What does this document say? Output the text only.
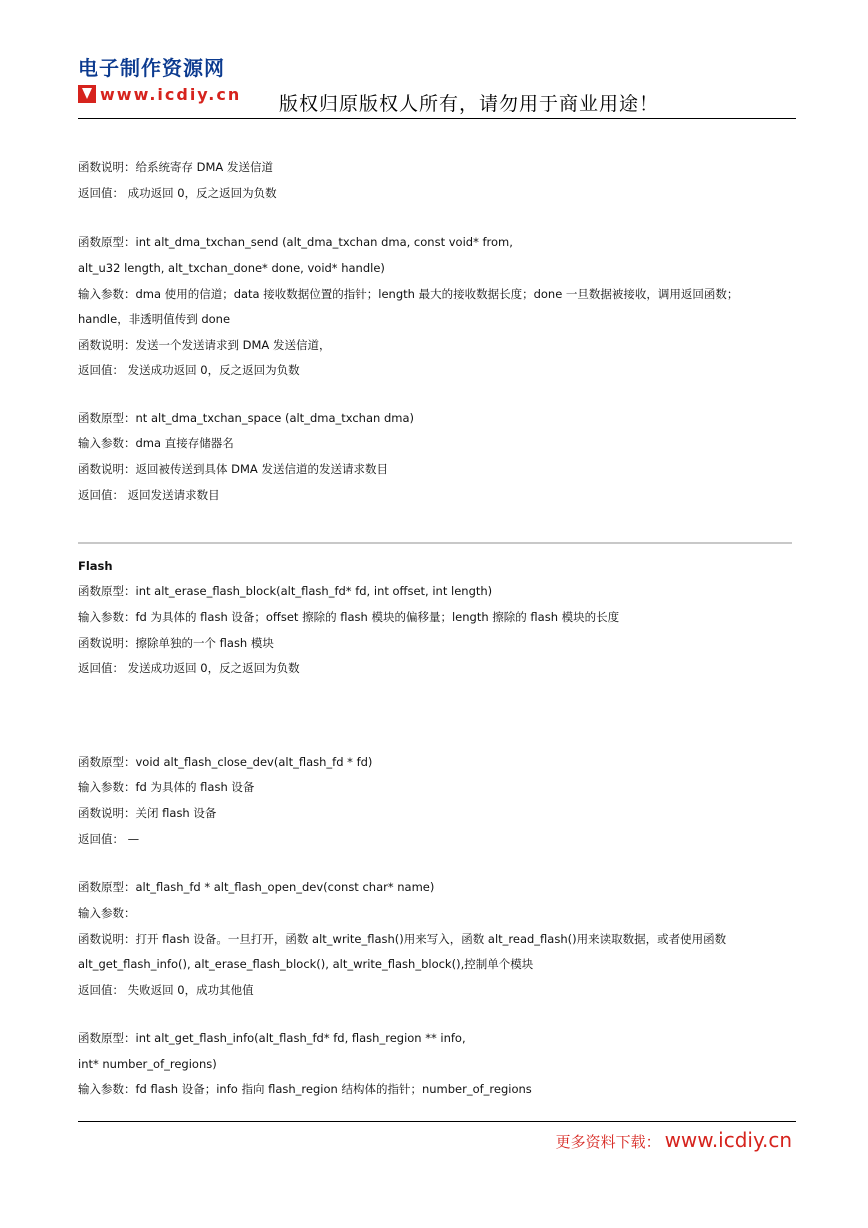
电子制作资源网
www.icdiy.cn 版权归原版权人所有，请勿用于商业用途！
函数说明：给系统寄存 DMA 发送信道
返回值： 成功返回 0，反之返回为负数
函数原型：int alt_dma_txchan_send (alt_dma_txchan dma, const void* from,
alt_u32 length, alt_txchan_done* done, void* handle)
输入参数：dma 使用的信道；data 接收数据位置的指针；length 最大的接收数据长度；done 一旦数据被接收，调用返回函数；
handle，非透明值传到 done
函数说明：发送一个发送请求到 DMA 发送信道，
返回值： 发送成功返回 0，反之返回为负数
函数原型：nt alt_dma_txchan_space (alt_dma_txchan dma)
输入参数：dma 直接存储器名
函数说明：返回被传送到具体 DMA 发送信道的发送请求数目
返回值： 返回发送请求数目
Flash
函数原型：int alt_erase_flash_block(alt_flash_fd* fd, int offset, int length)
输入参数：fd 为具体的 flash 设备；offset 擦除的 flash 模块的偏移量；length 擦除的 flash 模块的长度
函数说明：擦除单独的一个 flash 模块
返回值： 发送成功返回 0，反之返回为负数
函数原型：void alt_flash_close_dev(alt_flash_fd * fd)
输入参数：fd 为具体的 flash 设备
函数说明：关闭 flash 设备
返回值： —
函数原型：alt_flash_fd * alt_flash_open_dev(const char* name)
输入参数：
函数说明：打开 flash 设备。一旦打开，函数 alt_write_flash()用来写入，函数 alt_read_flash()用来读取数据，或者使用函数
alt_get_flash_info(), alt_erase_flash_block(), alt_write_flash_block(),控制单个模块
返回值： 失败返回 0，成功其他值
函数原型：int alt_get_flash_info(alt_flash_fd* fd, flash_region ** info,
int* number_of_regions)
输入参数：fd flash 设备；info 指向 flash_region 结构体的指针；number_of_regions
更多资料下载： www.icdiy.cn
